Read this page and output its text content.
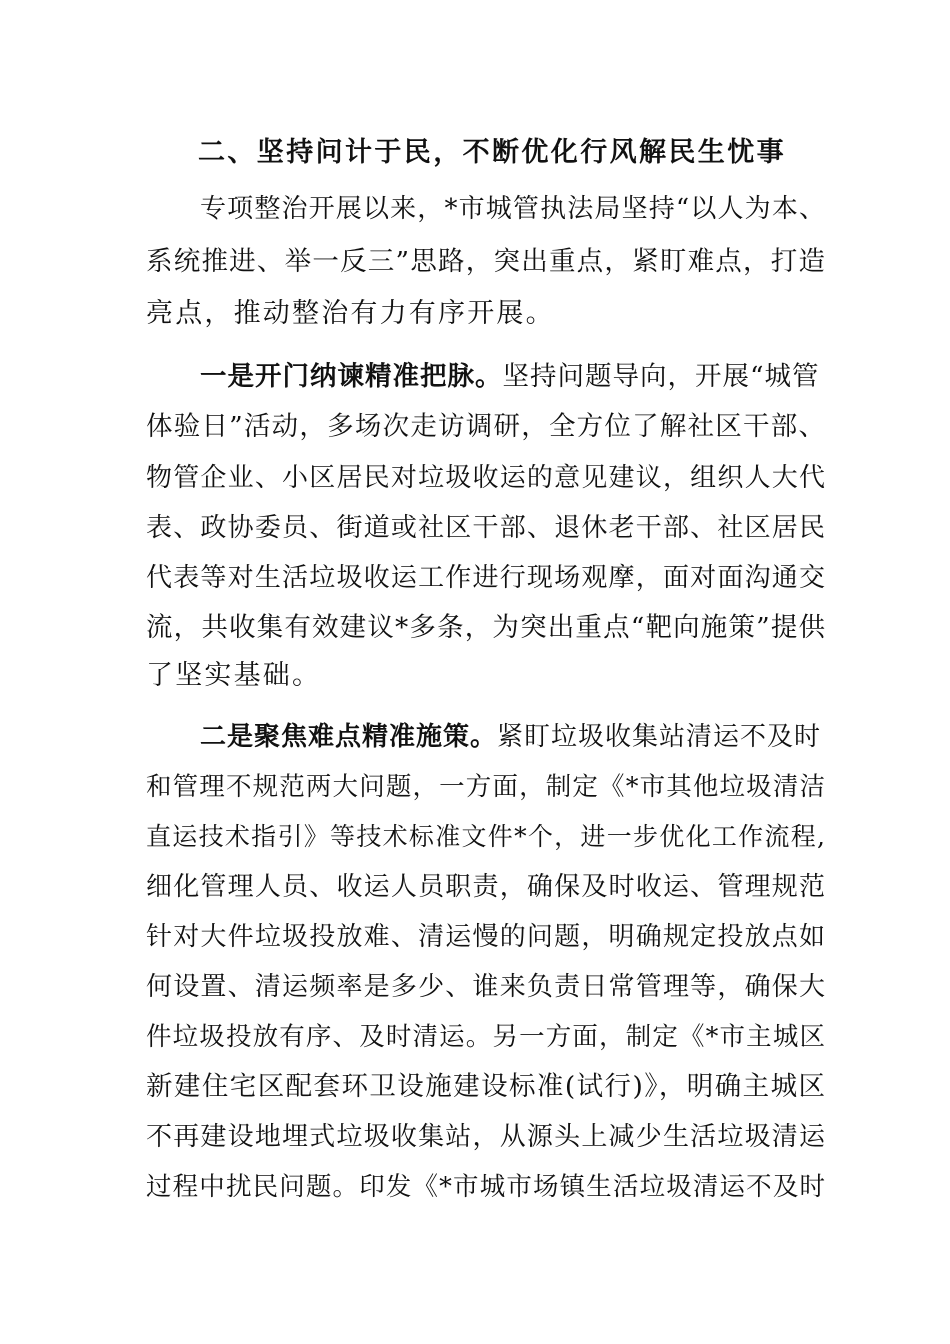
二、坚持问计于民，不断优化行风解民生忧事
专项整治开展以来，*市城管执法局坚持“以人为本、
系统推进、举一反三”思路，突出重点，紧盯难点，打造
亮点，推动整治有力有序开展。
一是开门纳谏精准把脉。坚持问题导向，开展“城管
体验日”活动，多场次走访调研，全方位了解社区干部、
物管企业、小区居民对垃圾收运的意见建议，组织人大代
表、政协委员、街道或社区干部、退休老干部、社区居民
代表等对生活垃圾收运工作进行现场观摩，面对面沟通交
流，共收集有效建议*多条，为突出重点“靶向施策”提供
了坚实基础。
二是聚焦难点精准施策。紧盯垃圾收集站清运不及时
和管理不规范两大问题，一方面，制定《*市其他垃圾清洁
直运技术指引》等技术标准文件*个，进一步优化工作流程,
细化管理人员、收运人员职责，确保及时收运、管理规范
针对大件垃圾投放难、清运慢的问题，明确规定投放点如
何设置、清运频率是多少、谁来负责日常管理等，确保大
件垃圾投放有序、及时清运。另一方面，制定《*市主城区
新建住宅区配套环卫设施建设标准(试行)》，明确主城区
不再建设地埋式垃圾收集站，从源头上减少生活垃圾清运
过程中扰民问题。印发《*市城市场镇生活垃圾清运不及时
